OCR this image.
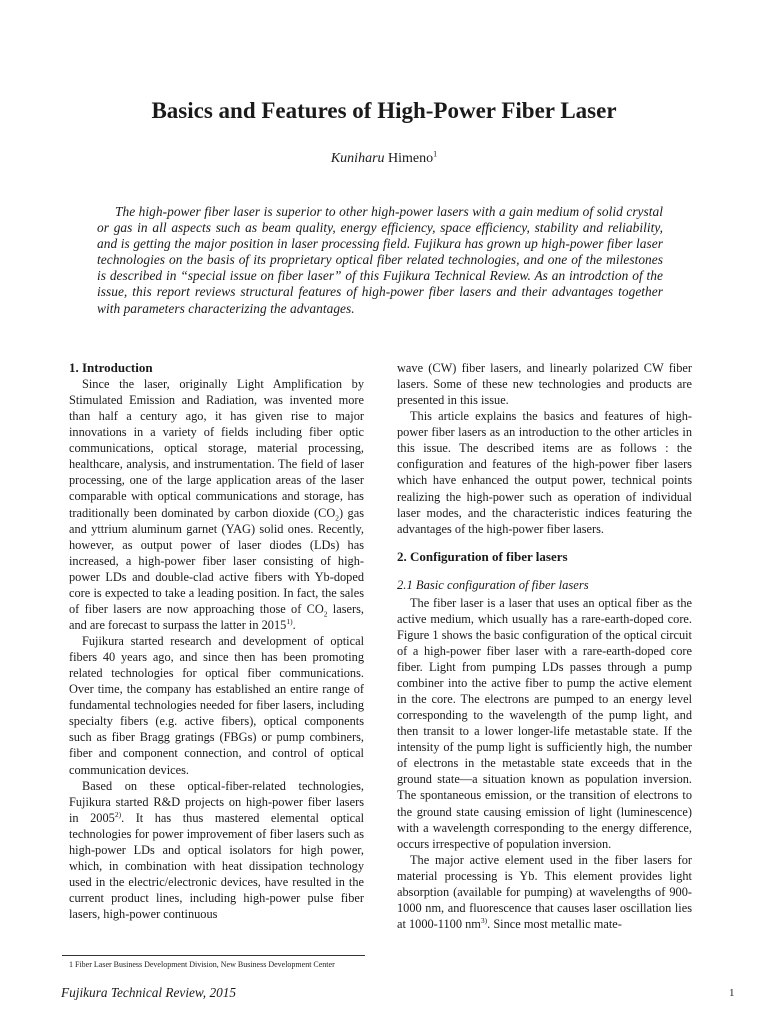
Basics and Features of High-Power Fiber Laser
Kuniharu Himeno$^1$

The high-power fiber laser is superior to other high-power lasers with a gain medium of solid crystal or gas in all aspects such as beam quality, energy efficiency, space efficiency, stability and reliability, and is getting the major position in laser processing field. Fujikura has grown up high-power fiber laser technologies on the basis of its proprietary optical fiber related technologies, and one of the milestones is described in “special issue on fiber laser” of this Fujikura Technical Review. As an introdction of the issue, this report reviews structural features of high-power fiber lasers and their advantages together with parameters characterizing the advantages.

1. Introduction

Since the laser, originally Light Amplification by Stimulated Emission and Radiation, was invented more than half a century ago, it has given rise to major innovations in a variety of fields including fiber optic communications, optical storage, material processing, healthcare, analysis, and instrumentation. The field of laser processing, one of the large application areas of the laser comparable with optical communications and storage, has traditionally been dominated by carbon dioxide $(CO_2)$ gas and yttrium aluminum garnet (YAG) solid ones. Recently, however, as output power of laser diodes (LDs) has increased, a high-power fiber laser consisting of high-power LDs and double-clad active fibers with Yb-doped core is expected to take a leading position. In fact, the sales of fiber lasers are now approaching those of $CO_2$ lasers, and are forecast to surpass the latter in 2015$^{1)}$.

Fujikura started research and development of optical fibers 40 years ago, and since then has been promoting related technologies for optical fiber communications. Over time, the company has established an entire range of fundamental technologies needed for fiber lasers, including specialty fibers (e.g. active fibers), optical components such as fiber Bragg gratings (FBGs) or pump combiners, fiber and component connection, and control of optical communication devices.

Based on these optical-fiber-related technologies, Fujikura started R&D projects on high-power fiber lasers in 2005$^{2)}$. It has thus mastered elemental optical technologies for power improvement of fiber lasers such as high-power LDs and optical isolators for high power, which, in combination with heat dissipation technology used in the electric/electronic devices, have resulted in the current product lines, including high-power pulse fiber lasers, high-power continuous

wave (CW) fiber lasers, and linearly polarized CW fiber lasers. Some of these new technologies and products are presented in this issue.

This article explains the basics and features of high-power fiber lasers as an introduction to the other articles in this issue. The described items are as follows : the configuration and features of the high-power fiber lasers which have enhanced the output power, technical points realizing the high-power such as operation of individual laser modes, and the characteristic indices featuring the advantages of the high-power fiber lasers.

2. Configuration of fiber lasers
2.1 Basic configuration of fiber lasers

The fiber laser is a laser that uses an optical fiber as the active medium, which usually has a rare-earth-doped core. Figure 1 shows the basic configuration of the optical circuit of a high-power fiber laser with a rare-earth-doped core fiber. Light from pumping LDs passes through a pump combiner into the active fiber to pump the active element in the core. The electrons are pumped to an energy level corresponding to the wavelength of the pump light, and then transit to a lower longer-life metastable state. If the intensity of the pump light is sufficiently high, the number of electrons in the metastable state exceeds that in the ground state—a situation known as population inversion. The spontaneous emission, or the transition of electrons to the ground state causing emission of light (luminescence) with a wavelength corresponding to the energy difference, occurs irrespective of population inversion.

The major active element used in the fiber lasers for material processing is Yb. This element provides light absorption (available for pumping) at wavelengths of 900-1000 nm, and fluorescence that causes laser oscillation lies at 1000-1100 $nm^{3)}$. Since most metallic mate-

1 Fiber Laser Business Development Division, New Business Development Center
Fujikura Technical Review, 2015	1
